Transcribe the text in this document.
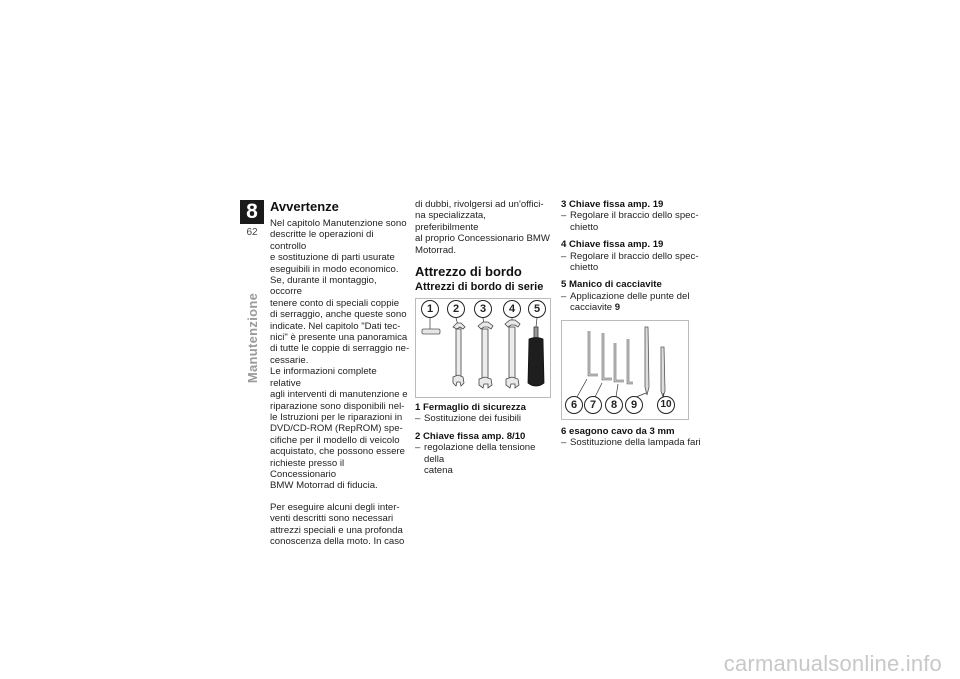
8
62
Manutenzione
Avvertenze

Nel capitolo Manutenzione sono

descritte le operazioni di controllo

e sostituzione di parti usurate

eseguibili in modo economico.

Se, durante il montaggio, occorre

tenere conto di speciali coppie

di serraggio, anche queste sono

indicate. Nel capitolo "Dati tec-

nici" è presente una panoramica

di tutte le coppie di serraggio ne-

cessarie.

Le informazioni complete relative

agli interventi di manutenzione e

riparazione sono disponibili nel-

le Istruzioni per le riparazioni in

DVD/CD-ROM (RepROM) spe-

cifiche per il modello di veicolo

acquistato, che possono essere

richieste presso il Concessionario

BMW Motorrad di fiducia.

Per eseguire alcuni degli inter-

venti descritti sono necessari

attrezzi speciali e una profonda

conoscenza della moto. In caso

di dubbi, rivolgersi ad un'offici-

na specializzata, preferibilmente

al proprio Concessionario BMW

Motorrad.

Attrezzo di bordo
Attrezzi di bordo di serie
1 2 3 4 5
1 Fermaglio di sicurezza
– Sostituzione dei fusibili
2 Chiave fissa amp. 8/10
– regolazione della tensione della
catena
3 Chiave fissa amp. 19
– Regolare il braccio dello spec-
chietto
4 Chiave fissa amp. 19
– Regolare il braccio dello spec-
chietto
5 Manico di cacciavite
– Applicazione delle punte del
cacciavite 9
6 7 8 9 10
6 esagono cavo da 3 mm
– Sostituzione della lampada fari
carmanualsonline.info
